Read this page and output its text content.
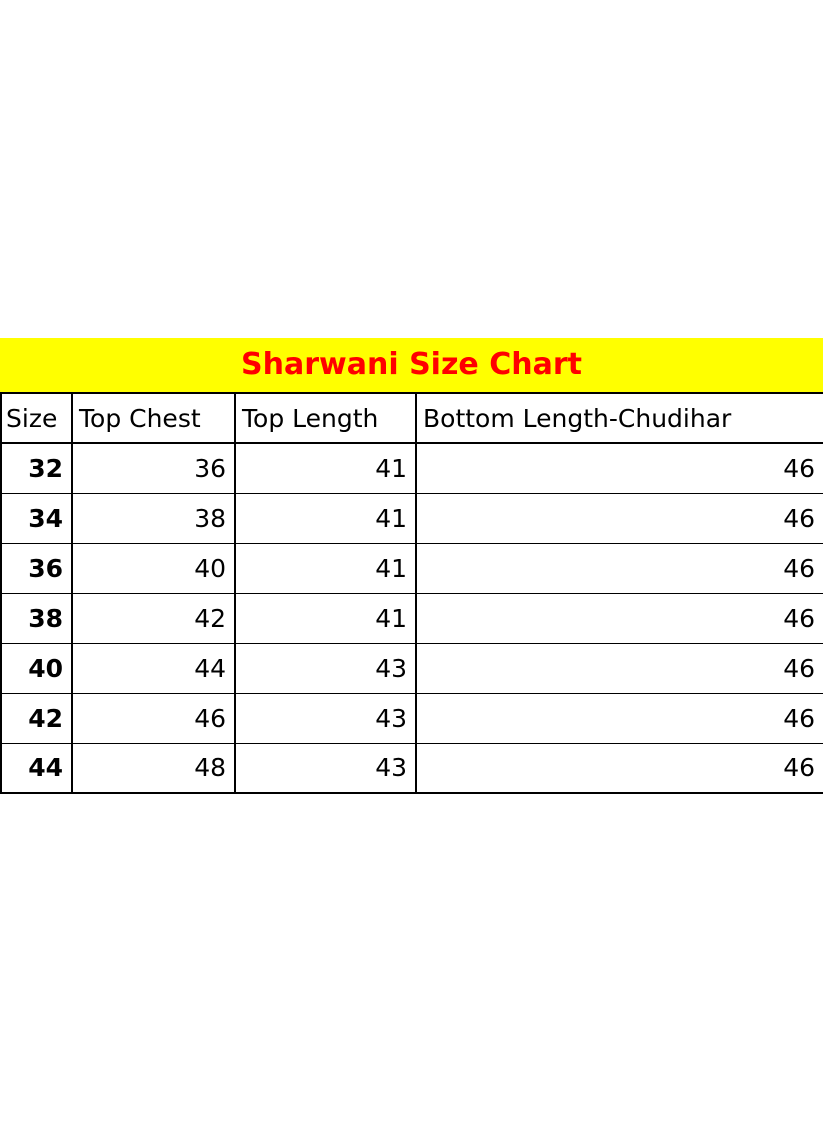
Sharwani Size Chart
Size	Top Chest	Top Length	Bottom Length-Chudihar
32	36	41	46
34	38	41	46
36	40	41	46
38	42	41	46
40	44	43	46
42	46	43	46
44	48	43	46
